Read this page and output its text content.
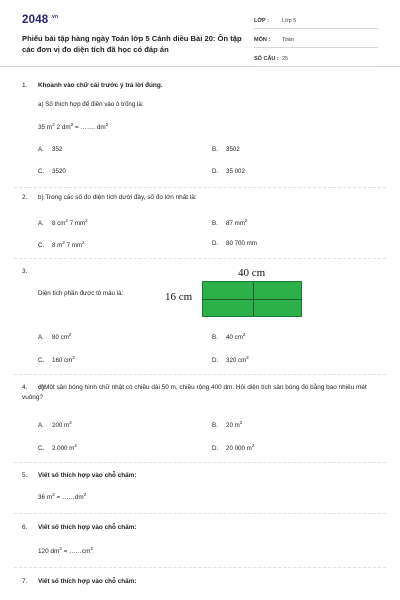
2048 $^{.vn}$
Phiếu bài tập hàng ngày Toán lớp 5 Cánh diều Bài 20: Ôn tập các đơn vị đo diện tích đã học có đáp án
LỚP :	Lớp 5
MÔN :	Toán
SỐ CÂU : 25
1. Khoanh vào chữ cái trước ý trả lời đúng.
a) Số thích hợp để điền vào ô trống là:
35 $m^2$ 2 $dm^2$ = ……. $dm^2$
A. 352	B. 3502
C. 3520	D. 35 002
2. b) Trong các số đo diện tích dưới đây, số đo lớn nhất là:
A. 8 $cm^2$ 7 $mm^2$	B. 87 $mm^2$
C. 8 $m^2$ 7 $mm^2$	D. 80 700 mm
3.
Diện tích phần được tô màu là:
40 cm
16 cm
A. 80 $cm^2$	B. 40 $cm^2$
C. 160 $cm^2$	D. 320 $cm^2$
4. d)Một sân bóng hình chữ nhật có chiều dài 50 m, chiều rộng 400 dm. Hỏi diện tích sân bóng đó bằng bao nhiêu mét vuông?
A. 200 $m^2$	B. 20 $m^2$
C. 2 000 $m^2$	D. 20 000 $m^2$
5. Viết số thích hợp vào chỗ chấm:
36 $m^2$ = $\dots\dots dm^2$
6. Viết số thích hợp vào chỗ chấm:
120 $dm^2$ = $\dots\dots cm^2$
7. Viết số thích hợp vào chỗ chấm:
